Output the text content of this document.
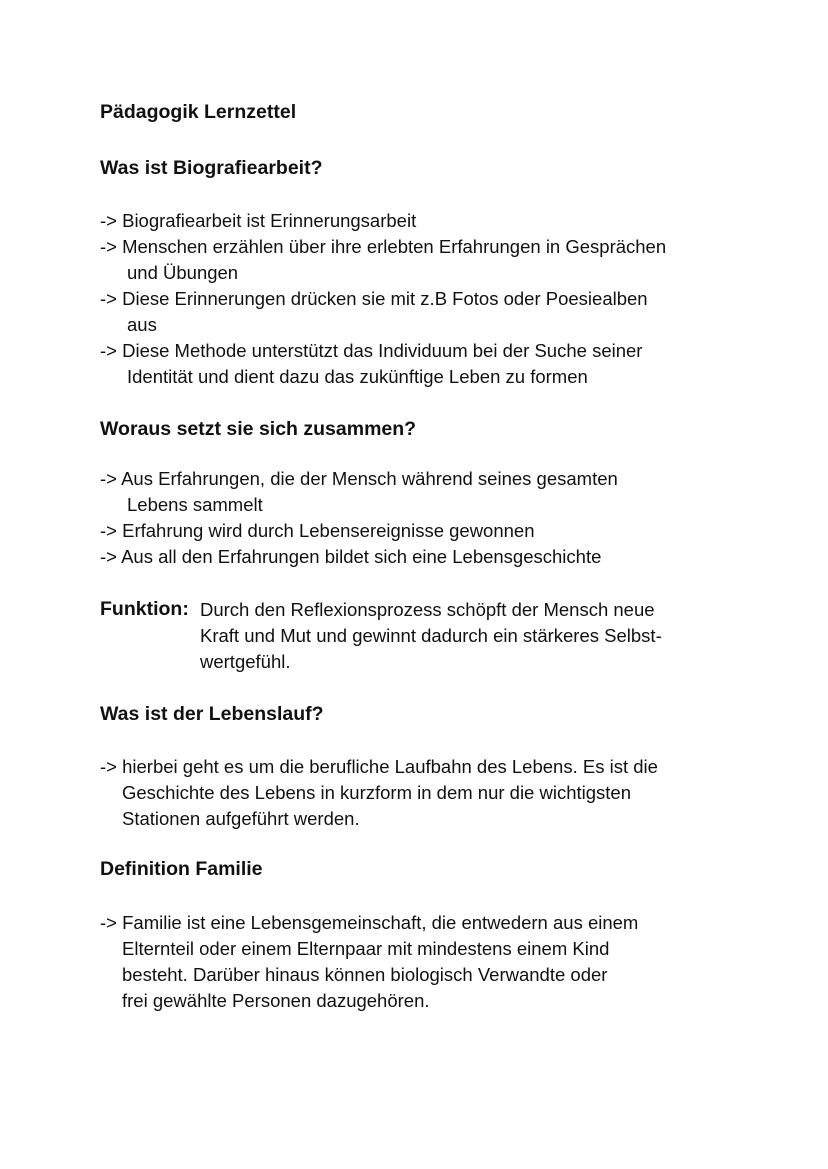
Pädagogik Lernzettel
Was ist Biografiearbeit?
-> Biografiearbeit ist Erinnerungsarbeit
-> Menschen erzählen über ihre erlebten Erfahrungen in Gesprächen
und Übungen
-> Diese Erinnerungen drücken sie mit z.B Fotos oder Poesiealben
aus
-> Diese Methode unterstützt das Individuum bei der Suche seiner
Identität und dient dazu das zukünftige Leben zu formen
Woraus setzt sie sich zusammen?
-> Aus Erfahrungen, die der Mensch während seines gesamten
Lebens sammelt
-> Erfahrung wird durch Lebensereignisse gewonnen
-> Aus all den Erfahrungen bildet sich eine Lebensgeschichte
Funktion: Durch den Reflexionsprozess schöpft der Mensch neue
Kraft und Mut und gewinnt dadurch ein stärkeres Selbst-
wertgefühl.
Was ist der Lebenslauf?
-> hierbei geht es um die berufliche Laufbahn des Lebens. Es ist die
Geschichte des Lebens in kurzform in dem nur die wichtigsten
Stationen aufgeführt werden.
Definition Familie
-> Familie ist eine Lebensgemeinschaft, die entwedern aus einem
Elternteil oder einem Elternpaar mit mindestens einem Kind
besteht. Darüber hinaus können biologisch Verwandte oder
frei gewählte Personen dazugehören.
